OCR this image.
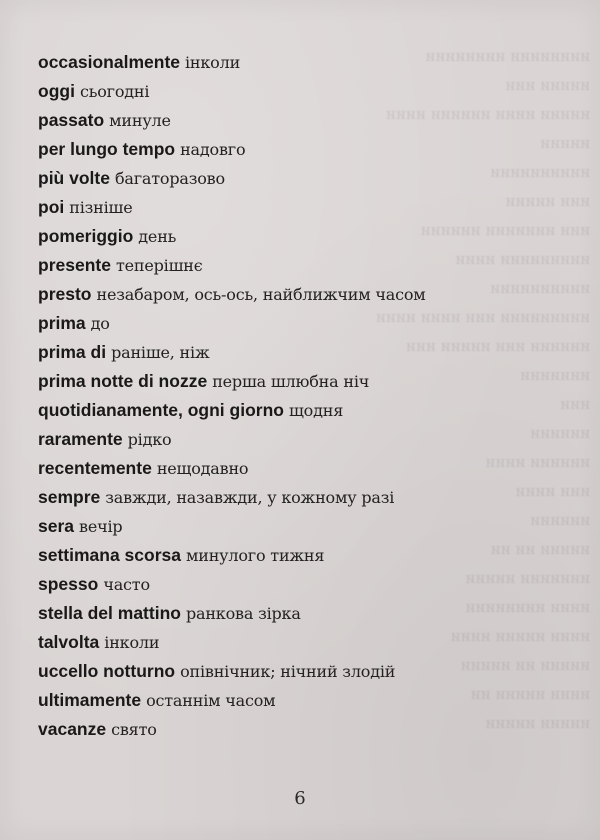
ииииииии ииииииии
иииии иии
иииии ииии ииииии ииии
иииии
ииииииииии
иии иииии
иии иииииии ииииии
иииииииии ииии
ииииииииии
иииииииии иии ииии ииии
ииииии иии иииии иии
иииииии
иии
ииииии
ииииии ииии
иии ииии
ииииии
иииии ии ии
иииииии иииии
ииии ииииииии
ииии иииии ииии
иииии ии иииии
ииии иииии ии
иииии иииии
occasionalmente інколи
oggi сьогодні
passato минуле
per lungo tempo надовго
più volte багаторазово
poi пізніше
pomeriggio день
presente теперішнє
presto незабаром, ось-ось, найближчим часом
prima до
prima di раніше, ніж
prima notte di nozze перша шлюбна ніч
quotidianamente, ogni giorno щодня
raramente рідко
recentemente нещодавно
sempre завжди, назавжди, у кожному разі
sera вечір
settimana scorsa минулого тижня
spesso часто
stella del mattino ранкова зірка
talvolta інколи
uccello notturno опівнічник; нічний злодій
ultimamente останнім часом
vacanze свято
6
